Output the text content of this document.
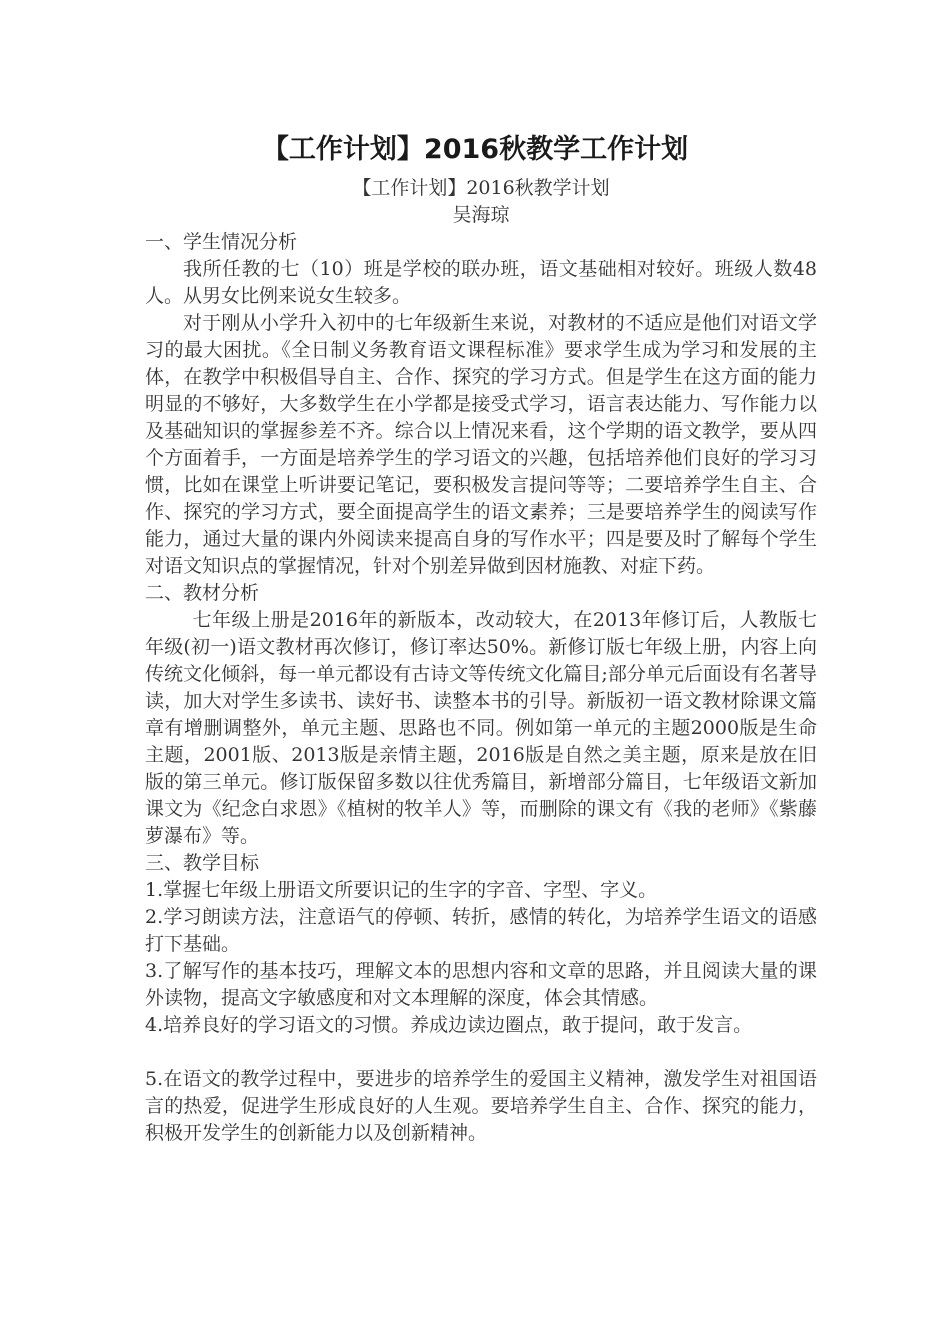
【工作计划】2016秋教学工作计划

【工作计划】2016秋教学计划

吴海琼

一、学生情况分析

我所任教的七（10）班是学校的联办班，语文基础相对较好。班级人数48人。从男女比例来说女生较多。

对于刚从小学升入初中的七年级新生来说，对教材的不适应是他们对语文学习的最大困扰。《全日制义务教育语文课程标准》要求学生成为学习和发展的主体，在教学中积极倡导自主、合作、探究的学习方式。但是学生在这方面的能力明显的不够好，大多数学生在小学都是接受式学习，语言表达能力、写作能力以及基础知识的掌握参差不齐。综合以上情况来看，这个学期的语文教学，要从四个方面着手，一方面是培养学生的学习语文的兴趣，包括培养他们良好的学习习惯，比如在课堂上听讲要记笔记，要积极发言提问等等；二要培养学生自主、合作、探究的学习方式，要全面提高学生的语文素养；三是要培养学生的阅读写作能力，通过大量的课内外阅读来提高自身的写作水平；四是要及时了解每个学生对语文知识点的掌握情况，针对个别差异做到因材施教、对症下药。

二、教材分析

七年级上册是2016年的新版本，改动较大，在2013年修订后，人教版七年级(初一)语文教材再次修订，修订率达50%。新修订版七年级上册，内容上向传统文化倾斜，每一单元都设有古诗文等传统文化篇目;部分单元后面设有名著导读，加大对学生多读书、读好书、读整本书的引导。新版初一语文教材除课文篇章有增删调整外，单元主题、思路也不同。例如第一单元的主题2000版是生命主题，2001版、2013版是亲情主题，2016版是自然之美主题，原来是放在旧版的第三单元。修订版保留多数以往优秀篇目，新增部分篇目，七年级语文新加课文为《纪念白求恩》《植树的牧羊人》等，而删除的课文有《我的老师》《紫藤萝瀑布》等。

三、教学目标

1.掌握七年级上册语文所要识记的生字的字音、字型、字义。

2.学习朗读方法，注意语气的停顿、转折，感情的转化，为培养学生语文的语感打下基础。

3.了解写作的基本技巧，理解文本的思想内容和文章的思路，并且阅读大量的课外读物，提高文字敏感度和对文本理解的深度，体会其情感。

4.培养良好的学习语文的习惯。养成边读边圈点，敢于提问，敢于发言。

5.在语文的教学过程中，要进步的培养学生的爱国主义精神，激发学生对祖国语言的热爱，促进学生形成良好的人生观。要培养学生自主、合作、探究的能力，积极开发学生的创新能力以及创新精神。
